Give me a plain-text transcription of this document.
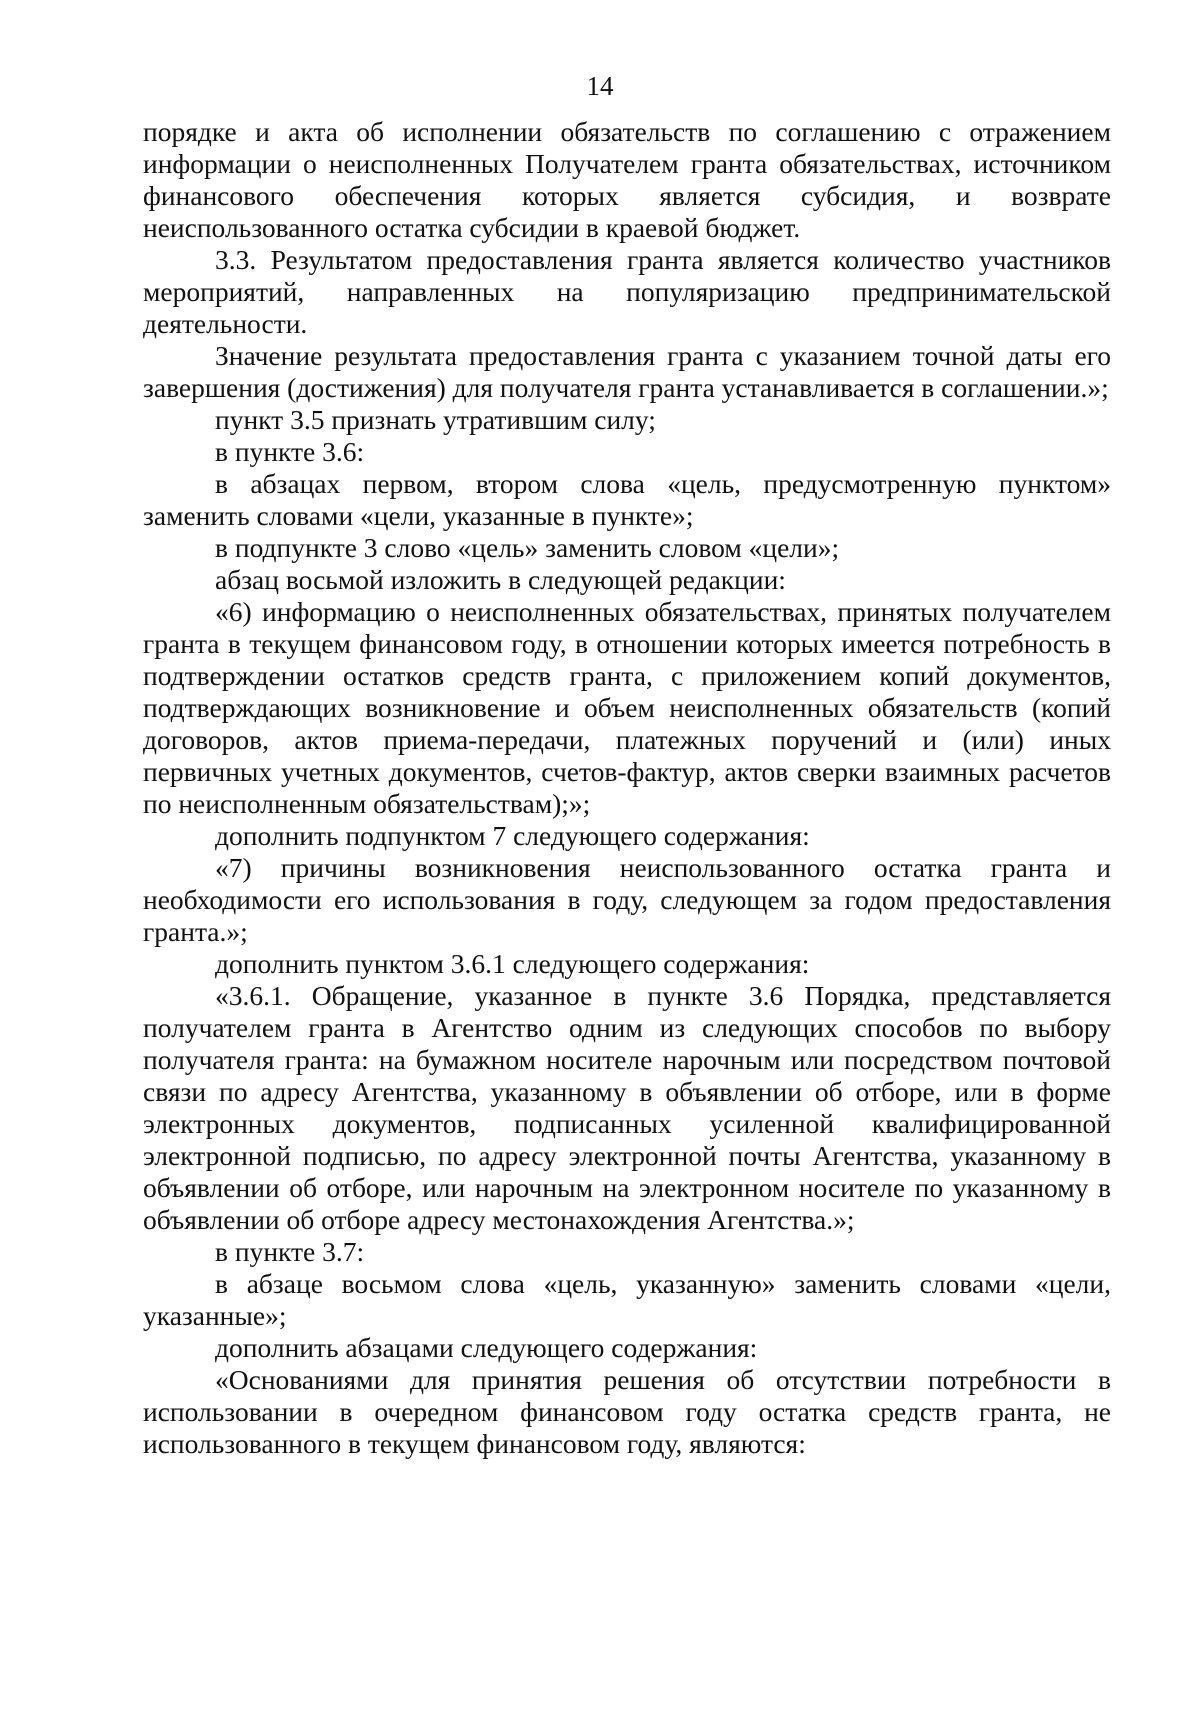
14

порядке и акта об исполнении обязательств по соглашению с отражением информации о неисполненных Получателем гранта обязательствах, источником финансового обеспечения которых является субсидия, и возврате неиспользованного остатка субсидии в краевой бюджет.

3.3. Результатом предоставления гранта является количество участников мероприятий, направленных на популяризацию предпринимательской деятельности.

Значение результата предоставления гранта с указанием точной даты его завершения (достижения) для получателя гранта устанавливается в соглашении.»;

пункт 3.5 признать утратившим силу;

в пункте 3.6:

в абзацах первом, втором слова «цель, предусмотренную пунктом» заменить словами «цели, указанные в пункте»;

в подпункте 3 слово «цель» заменить словом «цели»;

абзац восьмой изложить в следующей редакции:

«6) информацию о неисполненных обязательствах, принятых получателем гранта в текущем финансовом году, в отношении которых имеется потребность в подтверждении остатков средств гранта, с приложением копий документов, подтверждающих возникновение и объем неисполненных обязательств (копий договоров, актов приема-передачи, платежных поручений и (или) иных первичных учетных документов, счетов-фактур, актов сверки взаимных расчетов по неисполненным обязательствам);»;

дополнить подпунктом 7 следующего содержания:

«7) причины возникновения неиспользованного остатка гранта и необходимости его использования в году, следующем за годом предоставления гранта.»;

дополнить пунктом 3.6.1 следующего содержания:

«3.6.1. Обращение, указанное в пункте 3.6 Порядка, представляется получателем гранта в Агентство одним из следующих способов по выбору получателя гранта: на бумажном носителе нарочным или посредством почтовой связи по адресу Агентства, указанному в объявлении об отборе, или в форме электронных документов, подписанных усиленной квалифицированной электронной подписью, по адресу электронной почты Агентства, указанному в объявлении об отборе, или нарочным на электронном носителе по указанному в объявлении об отборе адресу местонахождения Агентства.»;

в пункте 3.7:

в абзаце восьмом слова «цель, указанную» заменить словами «цели, указанные»;

дополнить абзацами следующего содержания:

«Основаниями для принятия решения об отсутствии потребности в использовании в очередном финансовом году остатка средств гранта, не использованного в текущем финансовом году, являются:
